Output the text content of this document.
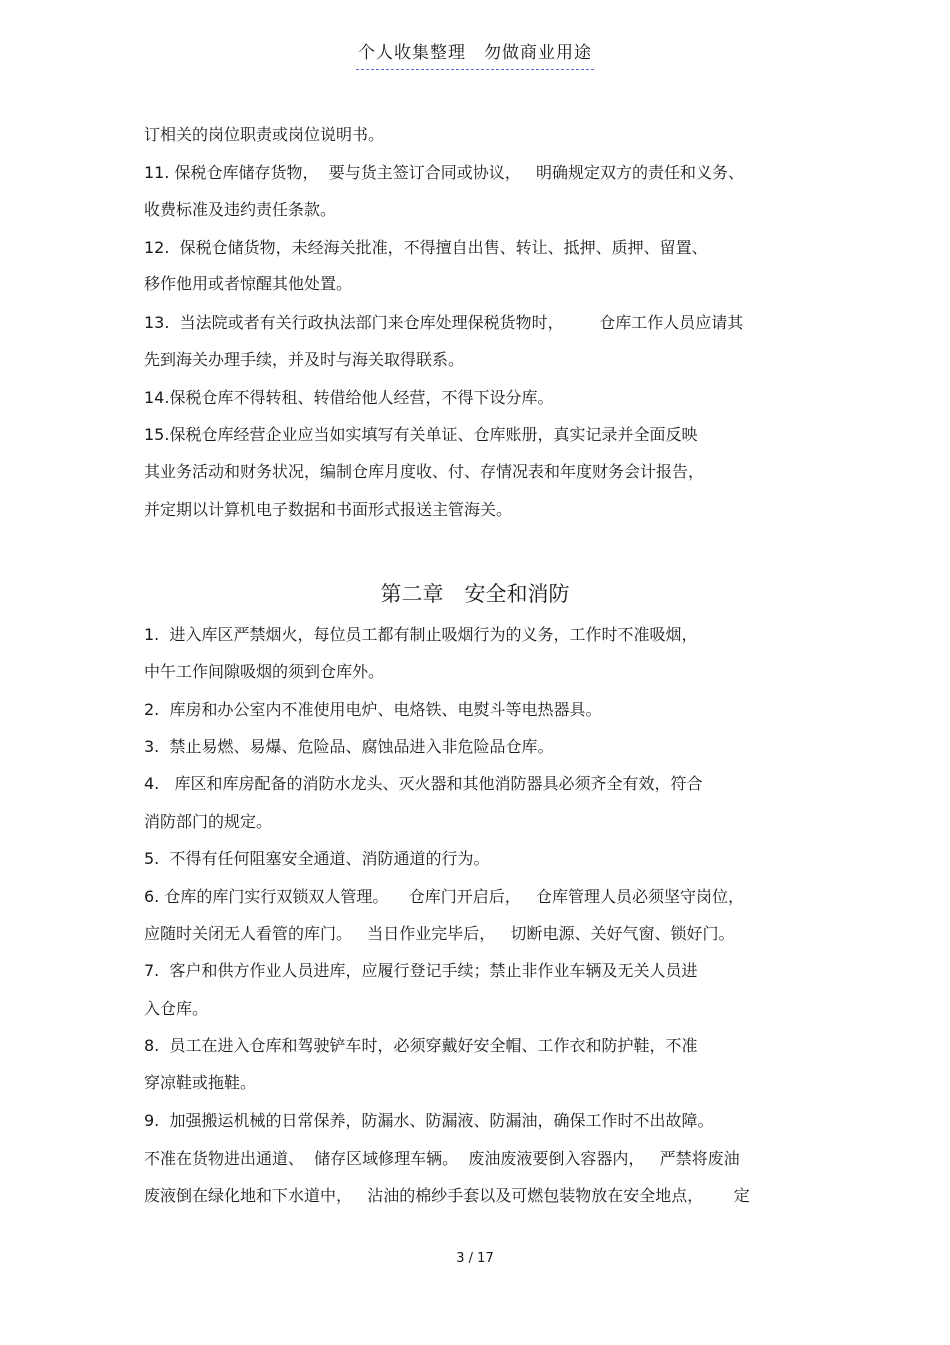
个人收集整理　勿做商业用途
订相关的岗位职责或岗位说明书。
11. 保税仓库储存货物，  要与货主签订合同或协议，   明确规定双方的责任和义务、
收费标准及违约责任条款。
12.  保税仓储货物，未经海关批准，不得擅自出售、转让、抵押、质押、留置、
移作他用或者惊醒其他处置。
13.  当法院或者有关行政执法部门来仓库处理保税货物时，       仓库工作人员应请其
先到海关办理手续，并及时与海关取得联系。
14.保税仓库不得转租、转借给他人经营，不得下设分库。
15.保税仓库经营企业应当如实填写有关单证、仓库账册，真实记录并全面反映
其业务活动和财务状况，编制仓库月度收、付、存情况表和年度财务会计报告，
并定期以计算机电子数据和书面形式报送主管海关。
第二章　安全和消防
1.  进入库区严禁烟火，每位员工都有制止吸烟行为的义务，工作时不准吸烟，
中午工作间隙吸烟的须到仓库外。
2.  库房和办公室内不准使用电炉、电烙铁、电熨斗等电热器具。
3.  禁止易燃、易爆、危险品、腐蚀品进入非危险品仓库。
4.   库区和库房配备的消防水龙头、灭火器和其他消防器具必须齐全有效，符合
消防部门的规定。
5.  不得有任何阻塞安全通道、消防通道的行为。
6. 仓库的库门实行双锁双人管理。    仓库门开启后，   仓库管理人员必须坚守岗位，
应随时关闭无人看管的库门。   当日作业完毕后，   切断电源、关好气窗、锁好门。
7.  客户和供方作业人员进库，应履行登记手续；禁止非作业车辆及无关人员进
入仓库。
8.  员工在进入仓库和驾驶铲车时，必须穿戴好安全帽、工作衣和防护鞋，不准
穿凉鞋或拖鞋。
9.  加强搬运机械的日常保养，防漏水、防漏液、防漏油，确保工作时不出故障。
不准在货物进出通道、  储存区域修理车辆。  废油废液要倒入容器内，   严禁将废油
废液倒在绿化地和下水道中，   沾油的棉纱手套以及可燃包装物放在安全地点，      定
3 / 17
